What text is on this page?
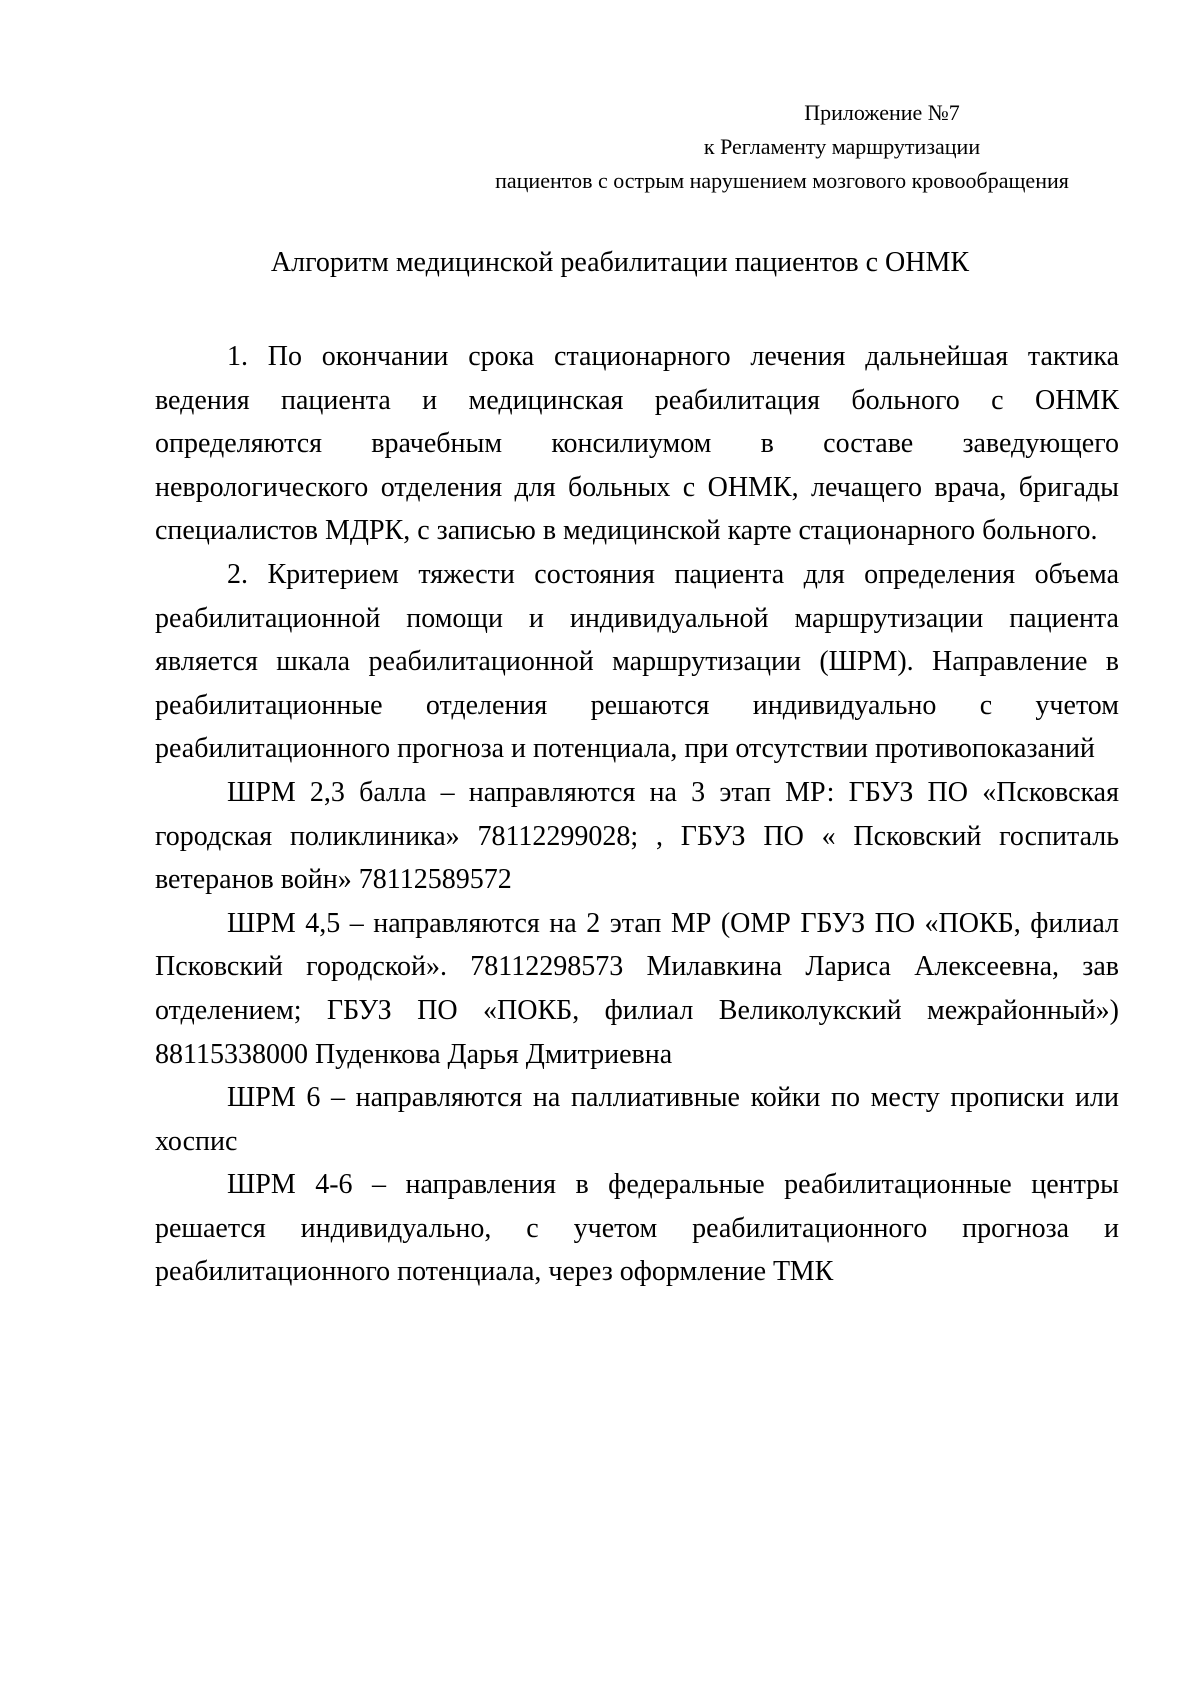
Приложение №7
к Регламенту маршрутизации
пациентов с острым нарушением мозгового кровообращения
Алгоритм медицинской реабилитации пациентов с ОНМК

1. По окончании срока стационарного лечения дальнейшая тактика ведения пациента и медицинская реабилитация больного с ОНМК определяются врачебным консилиумом в составе заведующего неврологического отделения для больных с ОНМК, лечащего врача, бригады специалистов МДРК, с записью в медицинской карте стационарного больного.

2. Критерием тяжести состояния пациента для определения объема реабилитационной помощи и индивидуальной маршрутизации пациента является шкала реабилитационной маршрутизации (ШРМ). Направление в реабилитационные отделения решаются индивидуально с учетом реабилитационного прогноза и потенциала, при отсутствии противопоказаний

ШРМ 2,3 балла – направляются на 3 этап МР: ГБУЗ ПО «Псковская городская поликлиника» 78112299028; , ГБУЗ ПО « Псковский госпиталь ветеранов войн» 78112589572

ШРМ 4,5 – направляются на 2 этап МР (ОМР ГБУЗ ПО «ПОКБ, филиал Псковский городской». 78112298573 Милавкина Лариса Алексеевна, зав отделением; ГБУЗ ПО «ПОКБ, филиал Великолукский межрайонный») 88115338000 Пуденкова Дарья Дмитриевна

ШРМ 6 – направляются на паллиативные койки по месту прописки или хоспис

ШРМ 4-6 – направления в федеральные реабилитационные центры решается индивидуально, с учетом реабилитационного прогноза и реабилитационного потенциала, через оформление ТМК
